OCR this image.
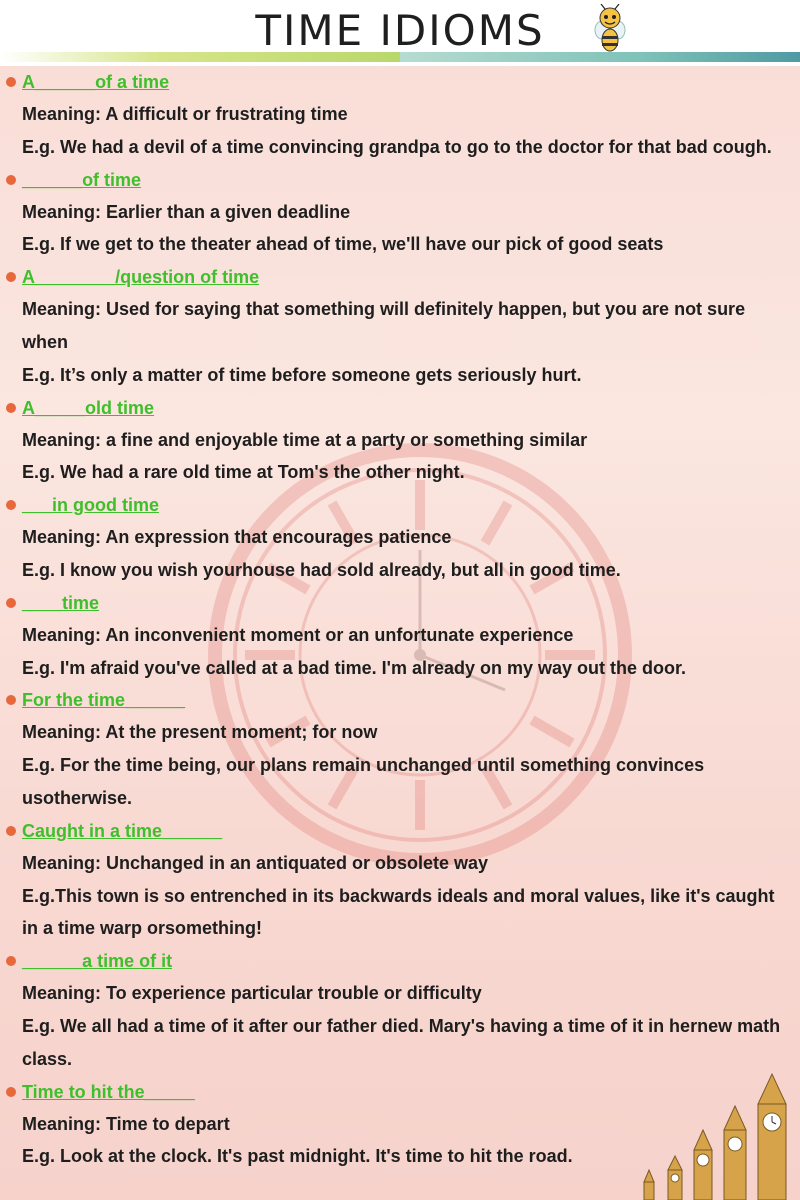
TIME IDIOMS
A______of a time
Meaning: A difficult or frustrating time
E.g. We had a devil of a time convincing grandpa to go to the doctor for that bad cough.
______of time
Meaning: Earlier than a given deadline
E.g. If we get to the theater ahead of time, we'll have our pick of good seats
A________/question of time
Meaning: Used for saying that something will definitely happen, but you are not sure when
E.g. It’s only a matter of time before someone gets seriously hurt.
A_____old time
Meaning: a fine and enjoyable time at a party or something similar
E.g. We had a rare old time at Tom's the other night.
___in good time
Meaning: An expression that encourages patience
E.g. I know you wish yourhouse had sold already, but all in good time.
____time
Meaning: An inconvenient moment or an unfortunate experience
E.g. I'm afraid you've called at a bad time. I'm already on my way out the door.
For the time______
Meaning: At the present moment; for now
E.g. For the time being, our plans remain unchanged until something convinces usotherwise.
Caught in a time______
Meaning: Unchanged in an antiquated or obsolete way
E.g.This town is so entrenched in its backwards ideals and moral values, like it's caught in a time warp orsomething!
______a time of it
Meaning: To experience particular trouble or difficulty
E.g. We all had a time of it after our father died. Mary's having a time of it in hernew math class.
Time to hit the_____
Meaning: Time to depart
E.g. Look at the clock. It's past midnight. It's time to hit the road.
